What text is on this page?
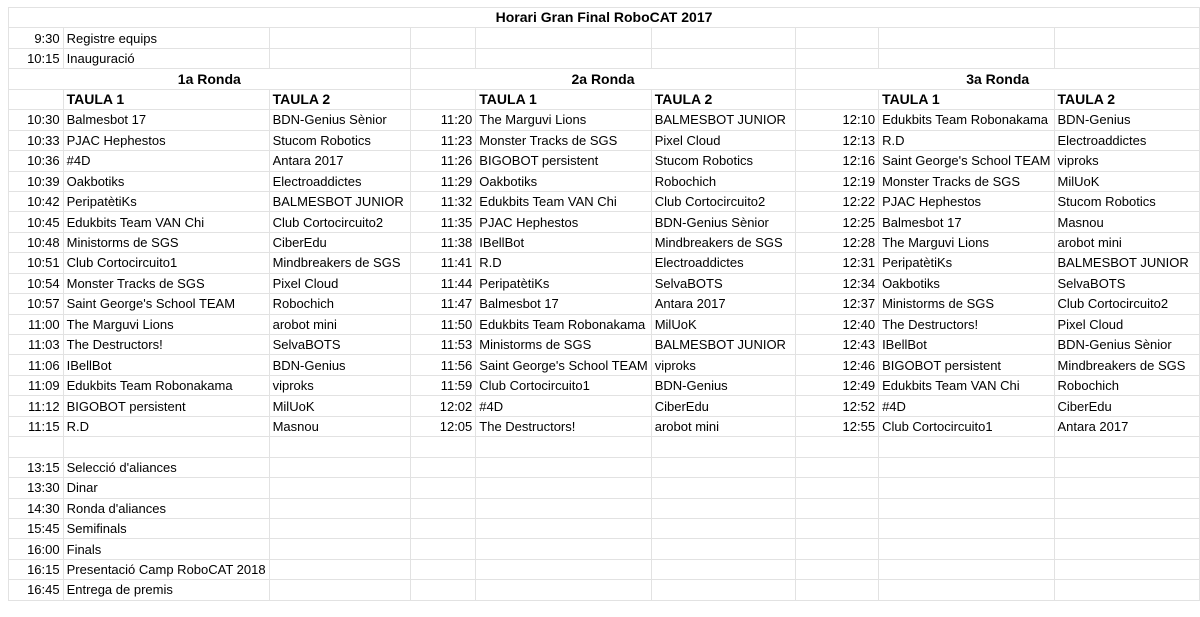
Horari Gran Final RoboCAT 2017								
9:30	Registre equips							
10:15	Inauguració							
1a Ronda			2a Ronda			3a Ronda		
	TAULA 1	TAULA 2		TAULA 1	TAULA 2		TAULA 1	TAULA 2
10:30	Balmesbot 17	BDN-Genius Sènior	11:20	The Marguvi Lions	BALMESBOT JUNIOR	12:10	Edukbits Team Robonakama	BDN-Genius
10:33	PJAC Hephestos	Stucom Robotics	11:23	Monster Tracks de SGS	Pixel Cloud	12:13	R.D	Electroaddictes
10:36	#4D	Antara 2017	11:26	BIGOBOT persistent	Stucom Robotics	12:16	Saint George's School TEAM	viproks
10:39	Oakbotiks	Electroaddictes	11:29	Oakbotiks	Robochich	12:19	Monster Tracks de SGS	MilUoK
10:42	PeripatètiKs	BALMESBOT JUNIOR	11:32	Edukbits Team VAN Chi	Club Cortocircuito2	12:22	PJAC Hephestos	Stucom Robotics
10:45	Edukbits Team VAN Chi	Club Cortocircuito2	11:35	PJAC Hephestos	BDN-Genius Sènior	12:25	Balmesbot 17	Masnou
10:48	Ministorms de SGS	CiberEdu	11:38	IBellBot	Mindbreakers de SGS	12:28	The Marguvi Lions	arobot mini
10:51	Club Cortocircuito1	Mindbreakers de SGS	11:41	R.D	Electroaddictes	12:31	PeripatètiKs	BALMESBOT JUNIOR
10:54	Monster Tracks de SGS	Pixel Cloud	11:44	PeripatètiKs	SelvaBOTS	12:34	Oakbotiks	SelvaBOTS
10:57	Saint George's School TEAM	Robochich	11:47	Balmesbot 17	Antara 2017	12:37	Ministorms de SGS	Club Cortocircuito2
11:00	The Marguvi Lions	arobot mini	11:50	Edukbits Team Robonakama	MilUoK	12:40	The Destructors!	Pixel Cloud
11:03	The Destructors!	SelvaBOTS	11:53	Ministorms de SGS	BALMESBOT JUNIOR	12:43	IBellBot	BDN-Genius Sènior
11:06	IBellBot	BDN-Genius	11:56	Saint George's School TEAM	viproks	12:46	BIGOBOT persistent	Mindbreakers de SGS
11:09	Edukbits Team Robonakama	viproks	11:59	Club Cortocircuito1	BDN-Genius	12:49	Edukbits Team VAN Chi	Robochich
11:12	BIGOBOT persistent	MilUoK	12:02	#4D	CiberEdu	12:52	#4D	CiberEdu
11:15	R.D	Masnou	12:05	The Destructors!	arobot mini	12:55	Club Cortocircuito1	Antara 2017

13:15	Selecció d'aliances							
13:30	Dinar							
14:30	Ronda d'aliances							
15:45	Semifinals							
16:00	Finals							
16:15	Presentació Camp RoboCAT 2018							
16:45	Entrega de premis							
